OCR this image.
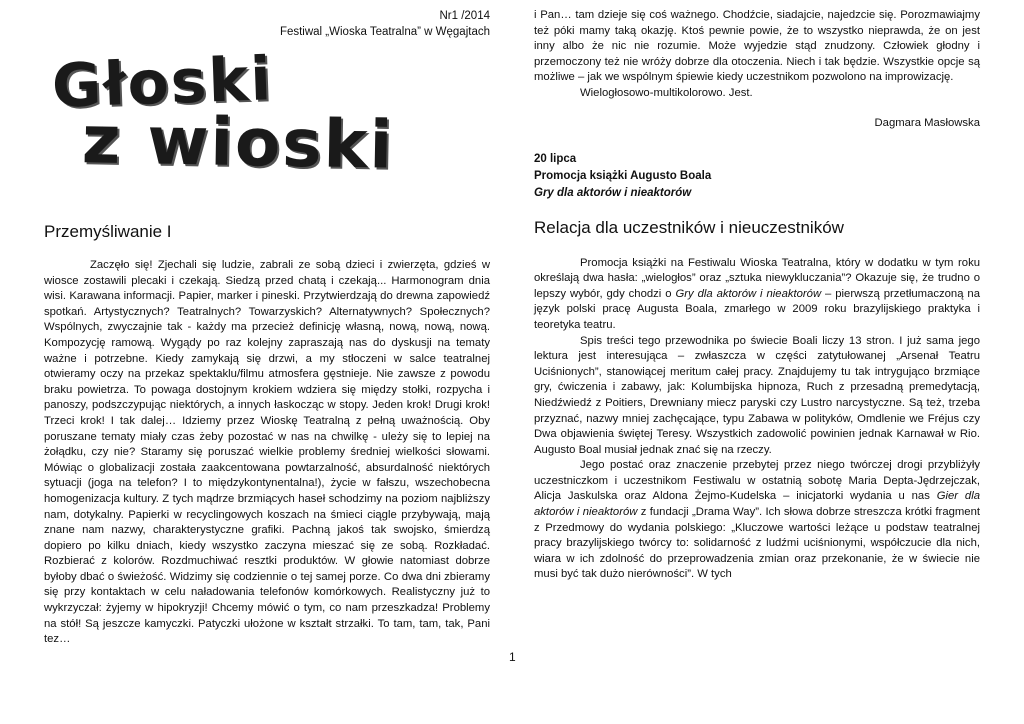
Nr1 /2014
Festiwal „Wioska Teatralna” w Węgajtach
Głoski
z wioski
Przemyśliwanie I

Zaczęło się! Zjechali się ludzie, zabrali ze sobą dzieci i zwierzęta, gdzieś w wiosce zostawili plecaki i czekają. Siedzą przed chatą i czekają... Harmonogram dnia wisi. Karawana informacji. Papier, marker i pineski. Przytwierdzają do drewna zapowiedź spotkań. Artystycznych? Teatralnych? Towarzyskich? Alternatywnych? Społecznych? Wspólnych, zwyczajnie tak - każdy ma przecież definicję własną, nową, nową, nową. Kompozycję ramową. Wygądy po raz kolejny zapraszają nas do dyskusji na tematy ważne i potrzebne. Kiedy zamykają się drzwi, a my stłoczeni w salce teatralnej otwieramy oczy na przekaz spektaklu/filmu atmosfera gęstnieje. Nie zawsze z powodu braku powietrza. To powaga dostojnym krokiem wdziera się między stołki, rozpycha i panoszy, podszczypując niektórych, a innych łaskocząc w stopy. Jeden krok! Drugi krok! Trzeci krok! I tak dalej… Idziemy przez Wioskę Teatralną z pełną uważnością. Oby poruszane tematy miały czas żeby pozostać w nas na chwilkę - uleży się to lepiej na żołądku, czy nie? Staramy się poruszać wielkie problemy średniej wielkości słowami. Mówiąc o globalizacji została zaakcentowana powtarzalność, absurdalność niektórych sytuacji (joga na telefon? I to międzykontynentalna!), życie w fałszu, wszechobecna homogenizacja kultury. Z tych mądrze brzmiących haseł schodzimy na poziom najbliższy nam, dotykalny. Papierki w recyclingowych koszach na śmieci ciągle przybywają, mają znane nam nazwy, charakterystyczne grafiki. Pachną jakoś tak swojsko, śmierdzą dopiero po kilku dniach, kiedy wszystko zaczyna mieszać się ze sobą. Rozkładać. Rozbierać z kolorów. Rozdmuchiwać resztki produktów. W głowie natomiast dobrze byłoby dbać o świeżość. Widzimy się codziennie o tej samej porze. Co dwa dni zbieramy się przy kontaktach w celu naładowania telefonów komórkowych. Realistyczny już to wykrzyczał: żyjemy w hipokryzji! Chcemy mówić o tym, co nam przeszkadza! Problemy na stół! Są jeszcze kamyczki. Patyczki ułożone w kształt strzałki. To tam, tam, tak, Pani tez…

i Pan… tam dzieje się coś ważnego. Chodźcie, siadajcie, najedzcie się. Porozmawiajmy też póki mamy taką okazję. Ktoś pewnie powie, że to wszystko nieprawda, że on jest inny albo że nic nie rozumie. Może wyjedzie stąd znudzony. Człowiek głodny i przemoczony też nie wróży dobrze dla otoczenia. Niech i tak będzie. Wszystkie opcje są możliwe – jak we wspólnym śpiewie kiedy uczestnikom pozwolono na improwizację.

Wielogłosowo-multikolorowo. Jest.

Dagmara Masłowska
20 lipca
Promocja książki Augusto Boala
Gry dla aktorów i nieaktorów
Relacja dla uczestników i nieuczestników

Promocja książki na Festiwalu Wioska Teatralna, który w dodatku w tym roku określają dwa hasła: „wielogłos” oraz „sztuka niewykluczania”? Okazuje się, że trudno o lepszy wybór, gdy chodzi o Gry dla aktorów i nieaktorów – pierwszą przetłumaczoną na język polski pracę Augusta Boala, zmarłego w 2009 roku brazylijskiego praktyka i teoretyka teatru.

Spis treści tego przewodnika po świecie Boali liczy 13 stron. I już sama jego lektura jest interesująca – zwłaszcza w części zatytułowanej „Arsenał Teatru Uciśnionych”, stanowiącej meritum całej pracy. Znajdujemy tu tak intrygująco brzmiące gry, ćwiczenia i zabawy, jak: Kolumbijska hipnoza, Ruch z przesadną premedytacją, Niedźwiedź z Poitiers, Drewniany miecz paryski czy Lustro narcystyczne. Są też, trzeba przyznać, nazwy mniej zachęcające, typu Zabawa w polityków, Omdlenie we Fréjus czy Dwa objawienia świętej Teresy. Wszystkich zadowolić powinien jednak Karnawał w Rio. Augusto Boal musiał jednak znać się na rzeczy.

Jego postać oraz znaczenie przebytej przez niego twórczej drogi przybliżyły uczestniczkom i uczestnikom Festiwalu w ostatnią sobotę Maria Depta-Jędrzejczak, Alicja Jaskulska oraz Aldona Żejmo-Kudelska – inicjatorki wydania u nas Gier dla aktorów i nieaktorów z fundacji „Drama Way”. Ich słowa dobrze streszcza krótki fragment z Przedmowy do wydania polskiego: „Kluczowe wartości leżące u podstaw teatralnej pracy brazylijskiego twórcy to: solidarność z ludźmi uciśnionymi, współczucie dla nich, wiara w ich zdolność do przeprowadzenia zmian oraz przekonanie, że w świecie nie musi być tak dużo nierówności”. W tych

1
